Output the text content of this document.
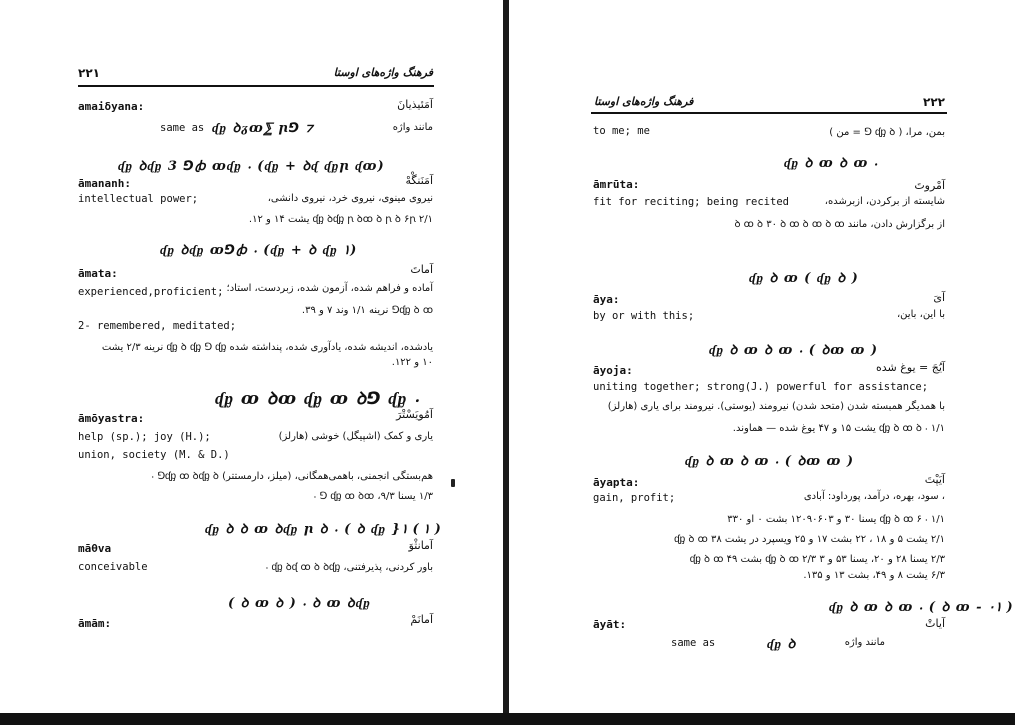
۲۲۱	فرهنگ واژه‌های اوستا
amaiδyana:	آمَئیذیانَ
same as ᶑᶈ ꝺᵹꝏ⅀ ꞃ⅁ ⁊	مانند واژه
ᶑᶈ ꝺᶑᶈ 3 ⅁ꞗ ꝏᶑᶈ ⸳ (ᶑᶈ + ꝺᶑ ᶑᶈꞃ ᶑꝏ)
āmananh:	آمَنَنگْهْ
intellectual power;	نیروی مینوی، نیروی خرد، نیروی دانشی،
ᶑᶈ ꝺᶑᶈ ꞃ ꝺꝏ ꝺ ꞃ ꝺ ۶ꞃ ۲/۱ یشت ۱۴ و ۱۲.
ᶑᶈ ꝺᶑᶈ ꝏ⅁ꞗ ⸳ (ᶑᶈ + ꝺ ᶑᶈ ۱)
āmata:	آماتَ
آماده و فراهم شده، آزمون شده، زبردست، استاد؛
experienced,proficient;
ᶑᶈ ꝺ ꝏ⅁ نرینه ۱/۱ وند ۷ و ۳۹.
2- remembered, meditated;
یادشده، اندیشه شده، یادآوری شده، پنداشته شده ᶑᶈ ꝺ ᶑᶈ ⅁ ᶑᶈ نرینه ۲/۳ یشت
۱۰ و ۱۲۲.
ᶑᶈ ꝏ ꝺꝏ ᶑᶈ ꝏ ꝺ⅁ ᶑᶈ ⸳
āmōyastra:	آمُویَسْتْرَ
help (sp.); joy (H.);	یاری و کمک (اشپیگل) خوشی (هارلز)
union, society (M. & D.)
هم‌بستگی انجمنی، باهمی‌همگانی، (میلز، دارمستتر) ᶑᶈ ꝏ ꝺᶑᶈ ꝺ⅁ ⸳
۱/۳ یسنا ۹/۳، ᶑᶈ ꝏ ꝺꝏ ⅁ ⸳
ᶑᶈ ꝺ ꝺ ꝏ ꝺᶑᶈ ꞃ ꝺ ⸳ ( ꝺ ᶑᶈ }۱ ( ۱ )
māθva	آمانثْوَ
conceivable	باور کردنی، پذیرفتنی، ᶑᶈ ꝺᶑ ꝏ ꝺ ꝺᶑᶈ ⸳
( ꝺ ꝏ ꝺ ) ⸳ ꝺ ꝏ ꝺᶑᶈ
āmām:	آمانَمْ
فرهنگ واژه‌های اوستا	۲۲۲
to me; me	بمن، مرا، ( ᶑᶈ ꝺ ⅁ = من )
ᶑᶈ ꝺ ꝏ ꝺ ꝏ ⸳
āmrūta:	آمْروتَ
شایسته از برکردن، ازبرشده،
fit for reciting; being recited
از برگزارش دادن، مانند ꝺ ꝏ ꝺ ۳۰ ꝺ ꝏ ꝺ ꝏ ꝺ ꝏ
ᶑᶈ ꝺ ꝏ ( ᶑᶈ ꝺ )
āya:	آیَ
by or with this;	با این، باین،
ᶑᶈ ꝺ ꝏ ꝺ ꝏ ⸳ ( ꝺꝏ ꝏ )
āyoja:	آیُجَ = یوغ شده
uniting together; strong(J.) powerful for assistance;
با همدیگر همبسته شدن (متحد شدن) نیرومند (یوستی). نیرومند برای یاری (هارلز)
ᶑᶈ ꝺ ꝏ ꝺ ⸳ ۱/۱ یشت ۱۵ و ۴۷ یوغ شده — هماوند.
ᶑᶈ ꝺ ꝏ ꝺ ꝏ ⸳ ( ꝺꝏ ꝏ )
āyapta:	آیَپْتَ
gain, profit;	، سود، بهره، درآمد، پورداود: آبادی
ᶑᶈ ꝺ ꝏ ۶ ⸳ ۱/۱ یسنا ۳۰ و ۱۲۰۹۰۶۰۳ بشت ۰ او ۳۳۰
۲/۱ یشت ۵ و ۱۸ ، ۲۲ بشت ۱۷ و ۲۵ ویسپرد در یشت ۳۸ ᶑᶈ ꝺ ꝏ
۲/۳ یسنا ۲۸ و ۲۰، یسنا ۵۳ و ۳ ᶑᶈ ꝺ ꝏ ۲/۳ بشت ۴۹ ᶑᶈ ꝺ ꝏ
۶/۳ یشت ۸ و ۴۹، بشت ۱۳ و ۱۳۵.
ᶑᶈ ꝺ ꝏ ꝺ ꝏ ⸳ ( ꝺ ꝏ - ۰۱ )
āyāt:	آیاتْ
same as	ᶑᶈ ꝺ	مانند واژه
